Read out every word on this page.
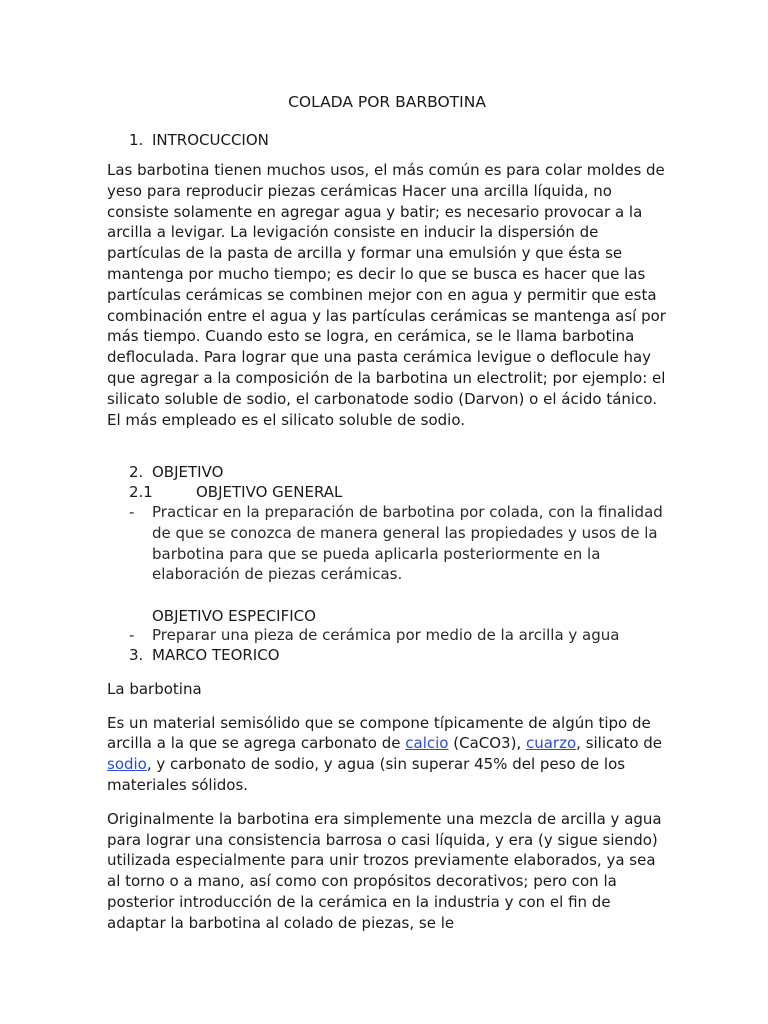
COLADA POR BARBOTINA
1. INTROCUCCION

Las barbotina tienen muchos usos, el más común es para colar moldes de yeso para reproducir piezas cerámicas Hacer una arcilla líquida, no consiste solamente en agregar agua y batir; es necesario provocar a la arcilla a levigar. La levigación consiste en inducir la dispersión de partículas de la pasta de arcilla y formar una emulsión y que ésta se mantenga por mucho tiempo; es decir lo que se busca es hacer que las partículas cerámicas se combinen mejor con en agua y permitir que esta combinación entre el agua y las partículas cerámicas se mantenga así por más tiempo. Cuando esto se logra, en cerámica, se le llama barbotina defloculada. Para lograr que una pasta cerámica levigue o deflocule hay que agregar a la composición de la barbotina un electrolit; por ejemplo: el silicato soluble de sodio, el carbonatode sodio (Darvon) o el ácido tánico. El más empleado es el silicato soluble de sodio.

2. OBJETIVO
2.1	OBJETIVO GENERAL
- Practicar en la preparación de barbotina por colada, con la finalidad de que se conozca de manera general las propiedades y usos de la barbotina para que se pueda aplicarla posteriormente en la elaboración de piezas cerámicas.
OBJETIVO ESPECIFICO
- Preparar una pieza de cerámica por medio de la arcilla y agua
3. MARCO TEORICO

La barbotina

Es un material semisólido que se compone típicamente de algún tipo de arcilla a la que se agrega carbonato de calcio (CaCO3), cuarzo, silicato de sodio, y carbonato de sodio, y agua (sin superar 45% del peso de los materiales sólidos.

Originalmente la barbotina era simplemente una mezcla de arcilla y agua para lograr una consistencia barrosa o casi líquida, y era (y sigue siendo) utilizada especialmente para unir trozos previamente elaborados, ya sea al torno o a mano, así como con propósitos decorativos; pero con la posterior introducción de la cerámica en la industria y con el fin de adaptar la barbotina al colado de piezas, se le
